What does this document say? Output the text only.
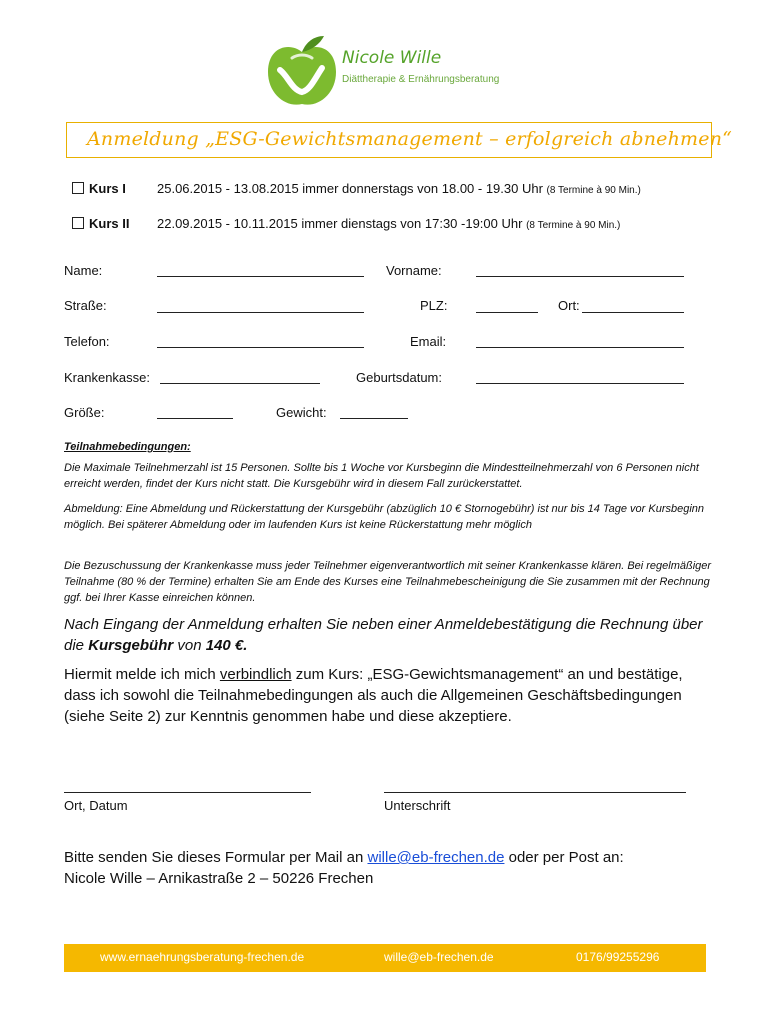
Nicole Wille
Diättherapie & Ernährungsberatung
Anmeldung „ESG-Gewichtsmanagement – erfolgreich abnehmen“
Kurs I 25.06.2015 - 13.08.2015 immer donnerstags von 18.00 - 19.30 Uhr (8 Termine à 90 Min.)
Kurs II 22.09.2015 - 10.11.2015 immer dienstags von 17:30 -19:00 Uhr (8 Termine à 90 Min.)
Name:	Vorname:
Straße:	PLZ:	Ort:
Telefon:	Email:
Krankenkasse:	Geburtsdatum:
Größe:	Gewicht:
Teilnahmebedingungen:
Die Maximale Teilnehmerzahl ist 15 Personen. Sollte bis 1 Woche vor Kursbeginn die Mindestteilnehmerzahl von 6 Personen nicht erreicht werden, findet der Kurs nicht statt. Die Kursgebühr wird in diesem Fall zurückerstattet.
Abmeldung: Eine Abmeldung und Rückerstattung der Kursgebühr (abzüglich 10 € Stornogebühr) ist nur bis 14 Tage vor Kursbeginn möglich. Bei späterer Abmeldung oder im laufenden Kurs ist keine Rückerstattung mehr möglich
Die Bezuschussung der Krankenkasse muss jeder Teilnehmer eigenverantwortlich mit seiner Krankenkasse klären. Bei regelmäßiger Teilnahme (80 % der Termine) erhalten Sie am Ende des Kurses eine Teilnahmebescheinigung die Sie zusammen mit der Rechnung ggf. bei Ihrer Kasse einreichen können.
Nach Eingang der Anmeldung erhalten Sie neben einer Anmeldebestätigung die Rechnung über die Kursgebühr von 140 €.
Hiermit melde ich mich verbindlich zum Kurs: „ESG-Gewichtsmanagement“ an und bestätige, dass ich sowohl die Teilnahmebedingungen als auch die Allgemeinen Geschäftsbedingungen (siehe Seite 2) zur Kenntnis genommen habe und diese akzeptiere.
Ort, Datum	Unterschrift
Bitte senden Sie dieses Formular per Mail an wille@eb-frechen.de oder per Post an:
Nicole Wille – Arnikastraße 2 – 50226 Frechen
www.ernaehrungsberatung-frechen.de	wille@eb-frechen.de	0176/99255296
